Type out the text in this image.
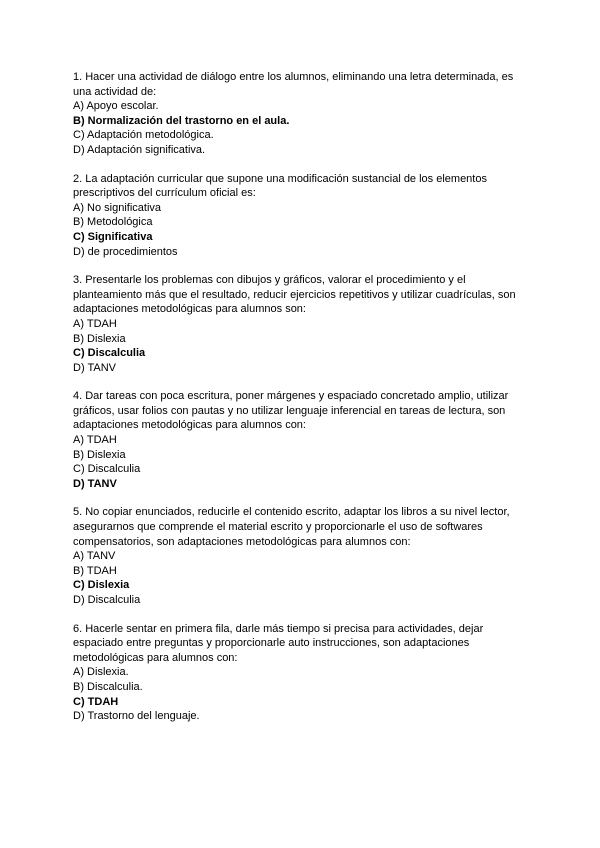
1. Hacer una actividad de diálogo entre los alumnos, eliminando una letra determinada, es una actividad de:

A) Apoyo escolar.

B) Normalización del trastorno en el aula.

C) Adaptación metodológica.

D) Adaptación significativa.

2. La adaptación curricular que supone una modificación sustancial de los elementos prescriptivos del currículum oficial es:

A) No significativa

B) Metodológica

C) Significativa

D) de procedimientos

3. Presentarle los problemas con dibujos y gráficos, valorar el procedimiento y el planteamiento más que el resultado, reducir ejercicios repetitivos y utilizar cuadrículas, son adaptaciones metodológicas para alumnos son:

A) TDAH

B) Dislexia

C) Discalculia

D) TANV

4. Dar tareas con poca escritura, poner márgenes y espaciado concretado amplio, utilizar gráficos, usar folios con pautas y no utilizar lenguaje inferencial en tareas de lectura, son adaptaciones metodológicas para alumnos con:

A) TDAH

B) Dislexia

C) Discalculia

D) TANV

5. No copiar enunciados, reducirle el contenido escrito, adaptar los libros a su nivel lector, asegurarnos que comprende el material escrito y proporcionarle el uso de softwares compensatorios, son adaptaciones metodológicas para alumnos con:

A) TANV

B) TDAH

C) Dislexia

D) Discalculia

6. Hacerle sentar en primera fila, darle más tiempo si precisa para actividades, dejar espaciado entre preguntas y proporcionarle auto instrucciones, son adaptaciones metodológicas para alumnos con:

A) Dislexia.

B) Discalculia.

C) TDAH

D) Trastorno del lenguaje.
